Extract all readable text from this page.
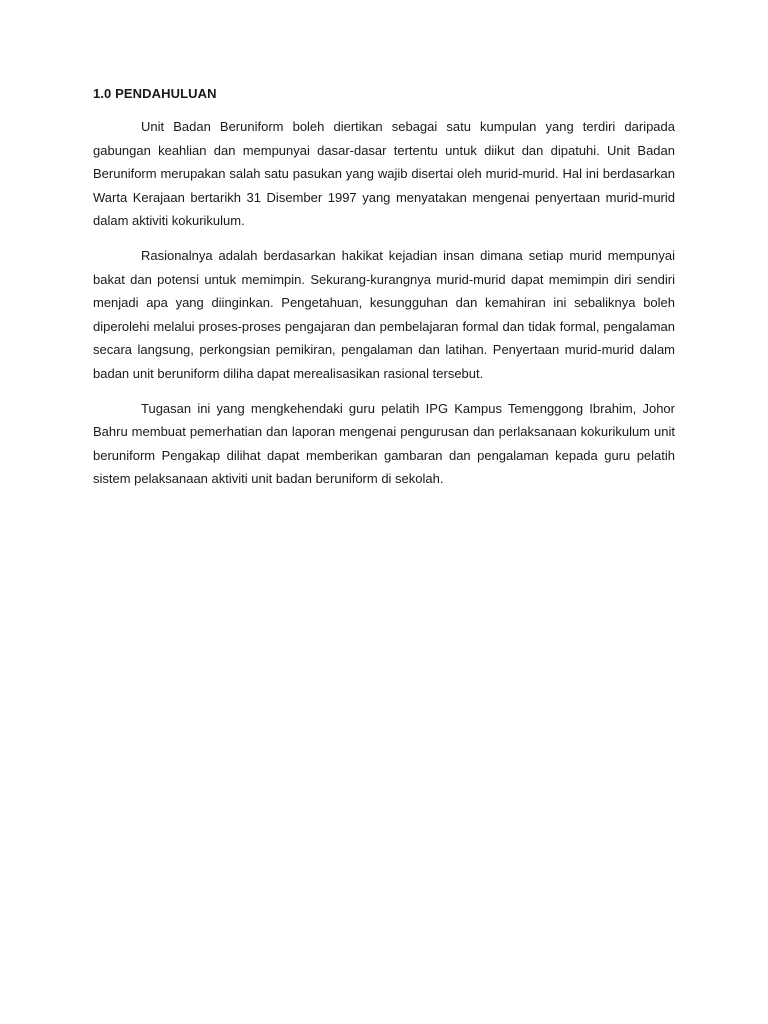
1.0 PENDAHULUAN

Unit Badan Beruniform boleh diertikan sebagai satu kumpulan yang terdiri daripada gabungan keahlian dan mempunyai dasar-dasar tertentu untuk diikut dan dipatuhi. Unit Badan Beruniform merupakan salah satu pasukan yang wajib disertai oleh murid-murid. Hal ini berdasarkan Warta Kerajaan bertarikh 31 Disember 1997 yang menyatakan mengenai penyertaan murid-murid dalam aktiviti kokurikulum.

Rasionalnya adalah berdasarkan hakikat kejadian insan dimana setiap murid mempunyai bakat dan potensi untuk memimpin. Sekurang-kurangnya murid-murid dapat memimpin diri sendiri menjadi apa yang diinginkan. Pengetahuan, kesungguhan dan kemahiran ini sebaliknya boleh diperolehi melalui proses-proses pengajaran dan pembelajaran formal dan tidak formal, pengalaman secara langsung, perkongsian pemikiran, pengalaman dan latihan. Penyertaan murid-murid dalam badan unit beruniform diliha dapat merealisasikan rasional tersebut.

Tugasan ini yang mengkehendaki guru pelatih IPG Kampus Temenggong Ibrahim, Johor Bahru membuat pemerhatian dan laporan mengenai pengurusan dan perlaksanaan kokurikulum unit beruniform Pengakap dilihat dapat memberikan gambaran dan pengalaman kepada guru pelatih sistem pelaksanaan aktiviti unit badan beruniform di sekolah.
